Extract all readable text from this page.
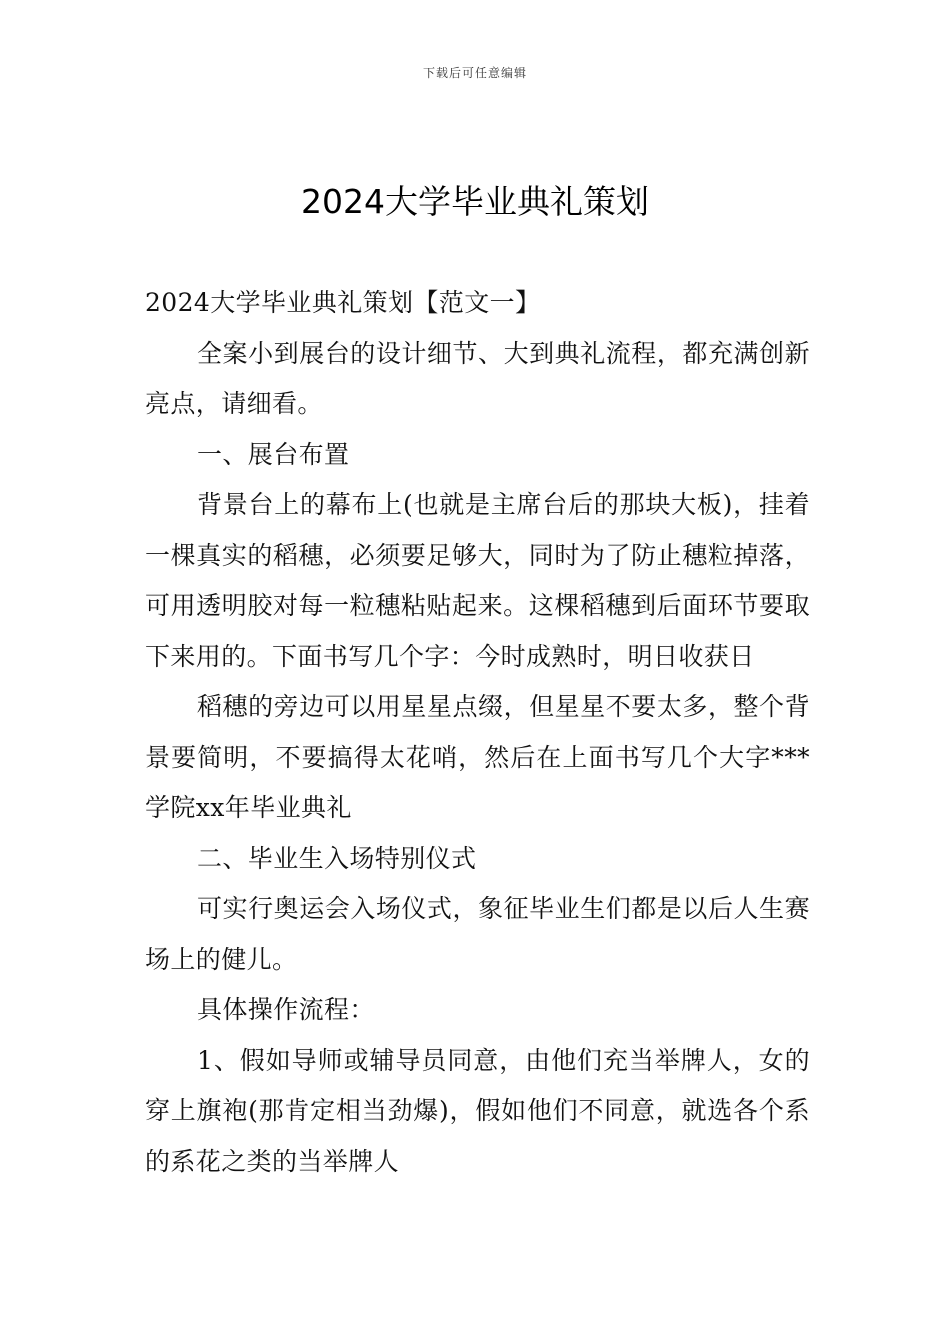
下载后可任意编辑
2024大学毕业典礼策划

2024大学毕业典礼策划【范文一】

全案小到展台的设计细节、大到典礼流程，都充满创新亮点，请细看。

一、展台布置

背景台上的幕布上(也就是主席台后的那块大板)，挂着一棵真实的稻穗，必须要足够大，同时为了防止穗粒掉落，可用透明胶对每一粒穗粘贴起来。这棵稻穗到后面环节要取下来用的。下面书写几个字：今时成熟时，明日收获日

稻穗的旁边可以用星星点缀，但星星不要太多，整个背景要简明，不要搞得太花哨，然后在上面书写几个大字***学院xx年毕业典礼

二、毕业生入场特别仪式

可实行奥运会入场仪式，象征毕业生们都是以后人生赛场上的健儿。

具体操作流程：

1、假如导师或辅导员同意，由他们充当举牌人，女的穿上旗袍(那肯定相当劲爆)，假如他们不同意，就选各个系的系花之类的当举牌人
